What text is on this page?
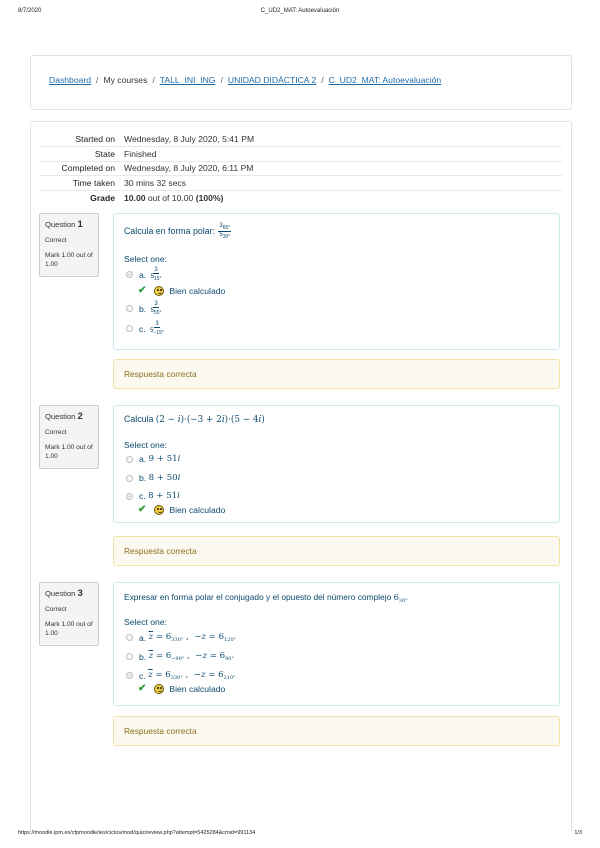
8/7/2020	C_UD2_MAT: Autoevaluación
Dashboard / My courses / TALL_INI_ING / UNIDAD DIDÁCTICA 2 / C_UD2_MAT: Autoevaluación
Started on	Wednesday, 8 July 2020, 5:41 PM
State	Finished
Completed on	Wednesday, 8 July 2020, 6:11 PM
Time taken	30 mins 32 secs
Grade	10.00 out of 10.00 (100%)
Question 1
Correct
Mark 1.00 out of 1.00
Calcula en forma polar: $\frac{3_{65^\circ}}{5_{30^\circ}}$
Select one:
a.
$\frac{3}{5_{15^\circ}}$
✔	Bien calculado
b.
$\frac{3}{5_{55^\circ}}$
c.
$\frac{3}{5_{-15^\circ}}$
Respuesta correcta
Question 2
Correct
Mark 1.00 out of 1.00
Calcula (2 − i)·(−3 + 2i)·(5 − 4i)
Select one:
a.
9 + 51i
b.
8 + 50i
c.
8 + 51i
✔	Bien calculado
Respuesta correcta
Question 3
Correct
Mark 1.00 out of 1.00
Expresar en forma polar el conjugado y el opuesto del número complejo $6_{30^\circ}$
Select one:
a.
$\overline{z} = 6_{330^\circ}$ ,  $-z = 6_{120^\circ}$
b.
$\overline{z} = 6_{-90^\circ}$ ,  $-z = 6_{90^\circ}$
c.
$\overline{z} = 6_{330^\circ}$ ,  $-z = 6_{210^\circ}$
✔	Bien calculado
Respuesta correcta
https://moodle.ipm.es/cfpmoodle/ies/ciclos/mod/quiz/review.php?attempt=5425284&cmid=991134	1/3
